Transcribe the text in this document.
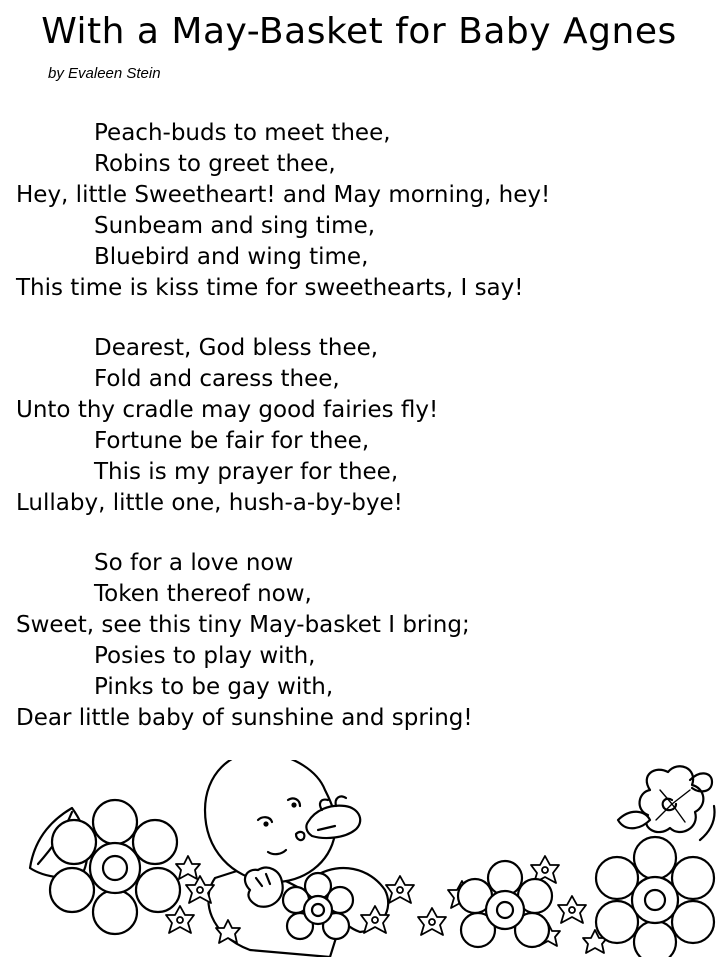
With a May-Basket for Baby Agnes
by Evaleen Stein
Peach-buds to meet thee,
Robins to greet thee,
Hey, little Sweetheart! and May morning, hey!
Sunbeam and sing time,
Bluebird and wing time,
This time is kiss time for sweethearts, I say!
Dearest, God bless thee,
Fold and caress thee,
Unto thy cradle may good fairies fly!
Fortune be fair for thee,
This is my prayer for thee,
Lullaby, little one, hush-a-by-bye!
So for a love now
Token thereof now,
Sweet, see this tiny May-basket I bring;
Posies to play with,
Pinks to be gay with,
Dear little baby of sunshine and spring!
